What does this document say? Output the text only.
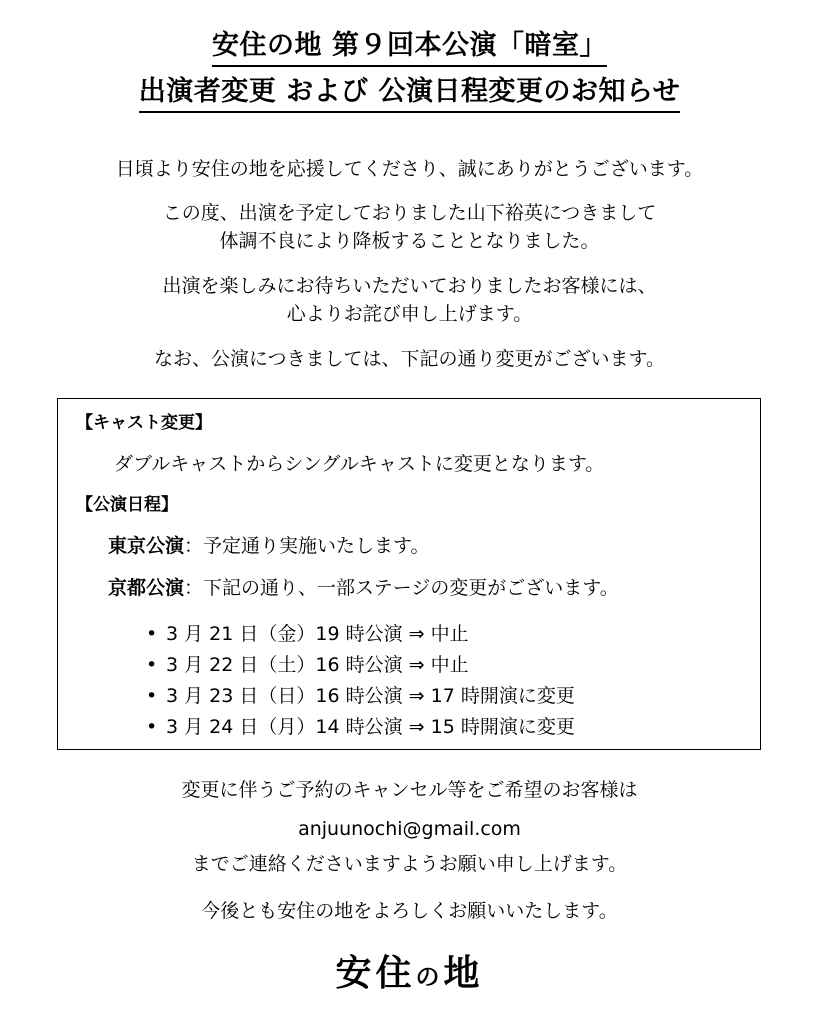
安住の地 第９回本公演「暗室」
出演者変更 および 公演日程変更のお知らせ
日頃より安住の地を応援してくださり、誠にありがとうございます。
この度、出演を予定しておりました山下裕英につきまして
体調不良により降板することとなりました。
出演を楽しみにお待ちいただいておりましたお客様には、
心よりお詫び申し上げます。
なお、公演につきましては、下記の通り変更がございます。
【キャスト変更】
ダブルキャストからシングルキャストに変更となります。
【公演日程】
東京公演：予定通り実施いたします。
京都公演：下記の通り、一部ステージの変更がございます。
• 3 月 21 日（金）19 時公演 ⇒ 中止
• 3 月 22 日（土）16 時公演 ⇒ 中止
• 3 月 23 日（日）16 時公演 ⇒ 17 時開演に変更
• 3 月 24 日（月）14 時公演 ⇒ 15 時開演に変更
変更に伴うご予約のキャンセル等をご希望のお客様は
anjuunochi@gmail.com
までご連絡くださいますようお願い申し上げます。
今後とも安住の地をよろしくお願いいたします。
安住の地
